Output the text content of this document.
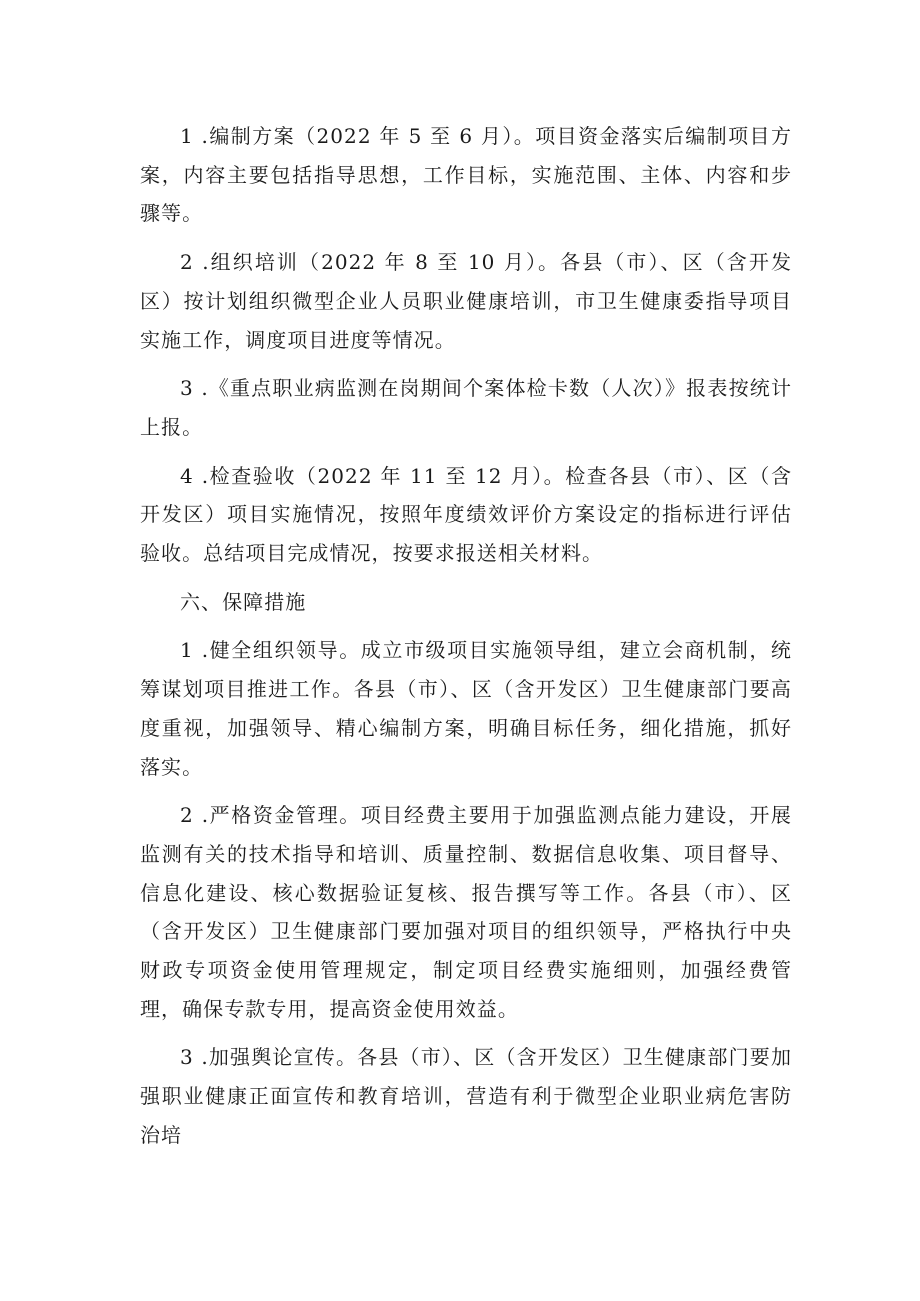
1 .编制方案（2022 年 5 至 6 月）。项目资金落实后编制项目方案，内容主要包括指导思想，工作目标，实施范围、主体、内容和步骤等。

2 .组织培训（2022 年 8 至 10 月）。各县（市）、区（含开发区）按计划组织微型企业人员职业健康培训，市卫生健康委指导项目实施工作，调度项目进度等情况。

3 .《重点职业病监测在岗期间个案体检卡数（人次）》报表按统计上报。

4 .检查验收（2022 年 11 至 12 月）。检查各县（市）、区（含开发区）项目实施情况，按照年度绩效评价方案设定的指标进行评估验收。总结项目完成情况，按要求报送相关材料。

六、保障措施

1 .健全组织领导。成立市级项目实施领导组，建立会商机制，统筹谋划项目推进工作。各县（市）、区（含开发区）卫生健康部门要高度重视，加强领导、精心编制方案，明确目标任务，细化措施，抓好落实。

2 .严格资金管理。项目经费主要用于加强监测点能力建设，开展监测有关的技术指导和培训、质量控制、数据信息收集、项目督导、信息化建设、核心数据验证复核、报告撰写等工作。各县（市）、区（含开发区）卫生健康部门要加强对项目的组织领导，严格执行中央财政专项资金使用管理规定，制定项目经费实施细则，加强经费管理，确保专款专用，提高资金使用效益。

3 .加强舆论宣传。各县（市）、区（含开发区）卫生健康部门要加强职业健康正面宣传和教育培训，营造有利于微型企业职业病危害防治培
